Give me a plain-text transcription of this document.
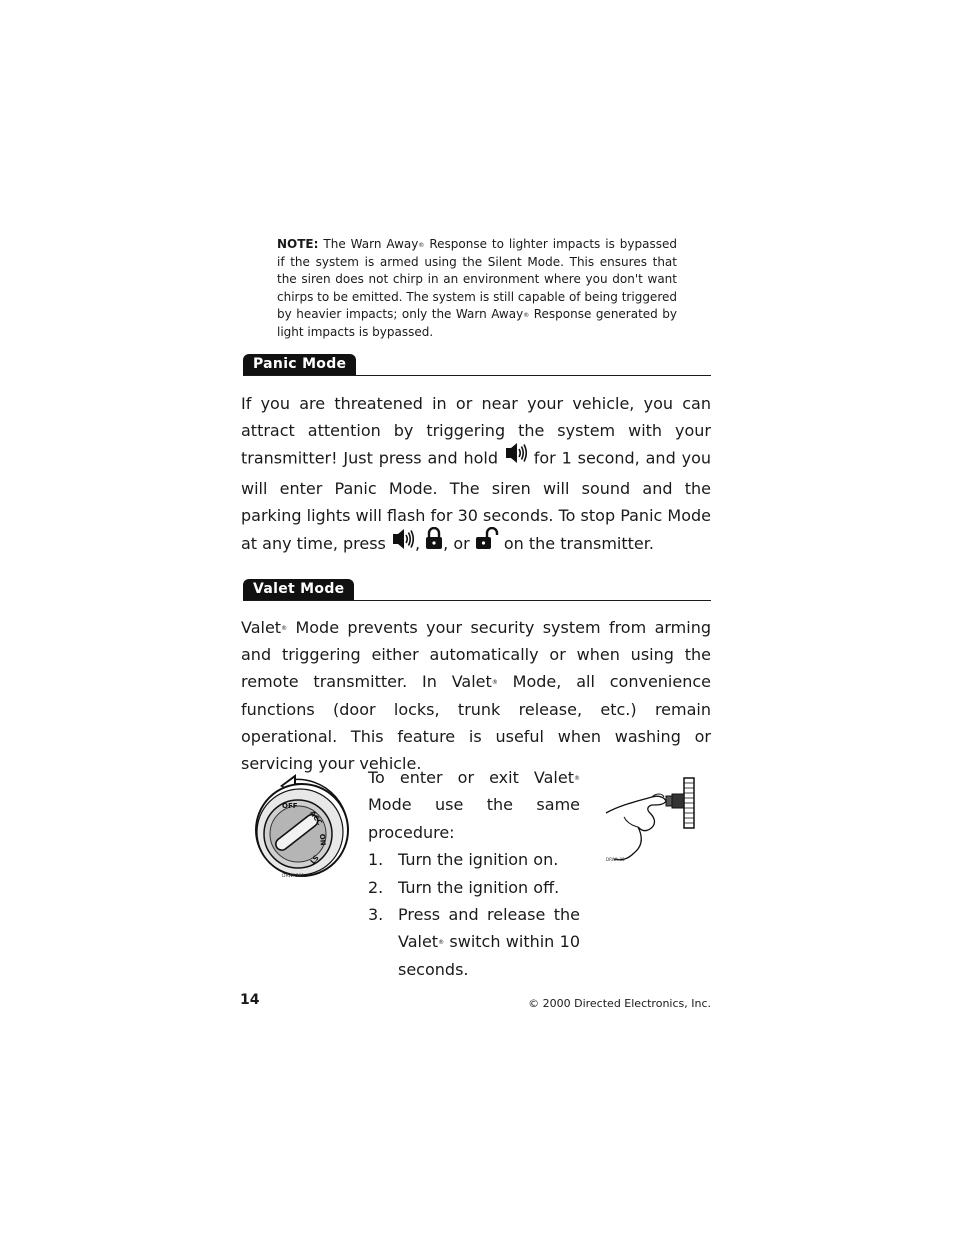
NOTE: The Warn Away® Response to lighter impacts is bypassed if the system is armed using the Silent Mode. This ensures that the siren does not chirp in an environment where you don't want chirps to be emitted. The system is still capable of being triggered by heavier impacts; only the Warn Away® Response generated by light impacts is bypassed.
Panic Mode
If you are threatened in or near your vehicle, you can attract attention by triggering the system with your transmitter! Just press and hold  for 1 second, and you will enter Panic Mode. The siren will sound and the parking lights will flash for 30 seconds. To stop Panic Mode at any time, press , , or  on the transmitter.
Valet Mode
Valet® Mode prevents your security system from arming and triggering either automatically or when using the remote transmitter. In Valet® Mode, all convenience functions (door locks, trunk release, etc.) remain operational. This feature is useful when washing or servicing your vehicle.
OFF
ACC
ON
ST
DRWA161
To enter or exit Valet® Mode use the same procedure:
1. Turn the ignition on.
2. Turn the ignition off.
3. Press and release the Valet® switch within 10 seconds.
DRWA-05
14	© 2000 Directed Electronics, Inc.
